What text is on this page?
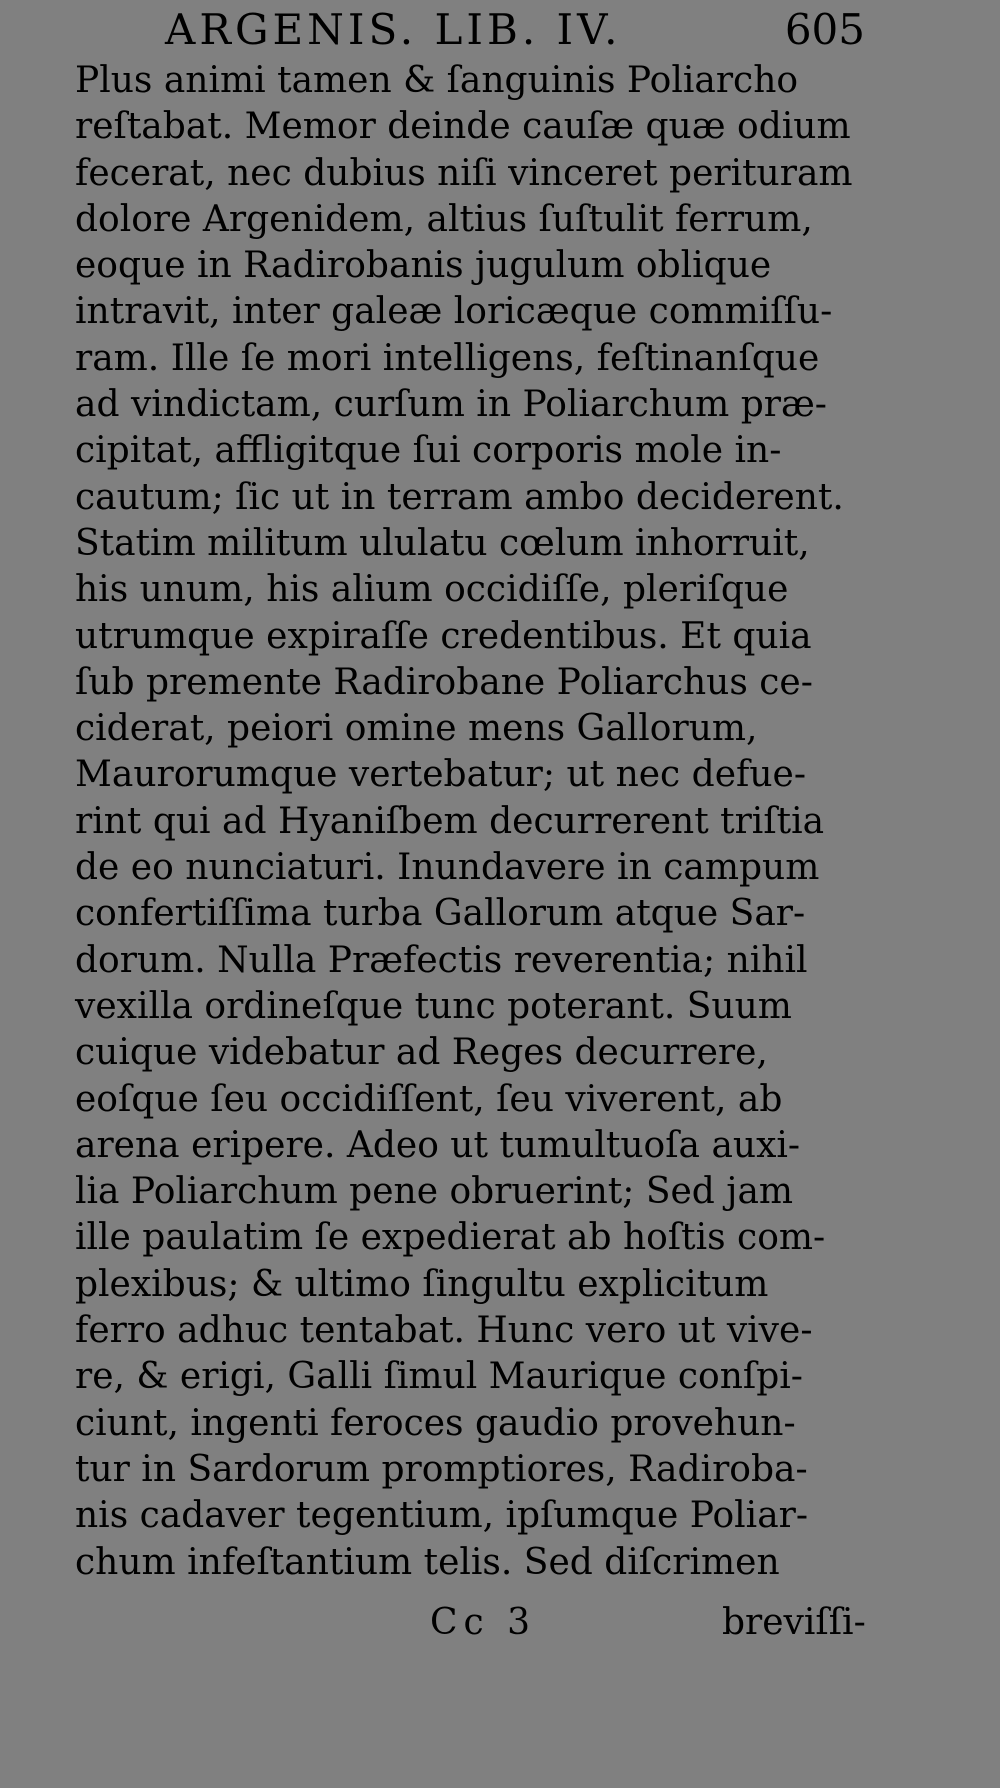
ARGENIS. LIB. IV.	605
Plus animi tamen & ſanguinis Poliarcho
reſtabat. Memor deinde cauſæ quæ odium
fecerat, nec dubius niſi vinceret perituram
dolore Argenidem, altius ſuſtulit ferrum,
eoque in Radirobanis jugulum oblique
intravit, inter galeæ loricæque commiſſu-
ram. Ille ſe mori intelligens, feſtinanſque
ad vindictam, curſum in Poliarchum præ-
cipitat, affligitque ſui corporis mole in-
cautum; ſic ut in terram ambo deciderent.
Statim militum ululatu cœlum inhorruit,
his unum, his alium occidiſſe, pleriſque
utrumque expiraſſe credentibus. Et quia
ſub premente Radirobane Poliarchus ce-
ciderat, peiori omine mens Gallorum,
Maurorumque vertebatur; ut nec defue-
rint qui ad Hyaniſbem decurrerent triſtia
de eo nunciaturi. Inundavere in campum
confertiſſima turba Gallorum atque Sar-
dorum. Nulla Præfectis reverentia; nihil
vexilla ordineſque tunc poterant. Suum
cuique videbatur ad Reges decurrere,
eoſque ſeu occidiſſent, ſeu viverent, ab
arena eripere. Adeo ut tumultuoſa auxi-
lia Poliarchum pene obruerint; Sed jam
ille paulatim ſe expedierat ab hoſtis com-
plexibus; & ultimo ſingultu explicitum
ferro adhuc tentabat. Hunc vero ut vive-
re, & erigi, Galli ſimul Maurique conſpi-
ciunt, ingenti feroces gaudio provehun-
tur in Sardorum promptiores, Radiroba-
nis cadaver tegentium, ipſumque Poliar-
chum infeſtantium telis. Sed diſcrimen
Cc 3	breviſſi-
